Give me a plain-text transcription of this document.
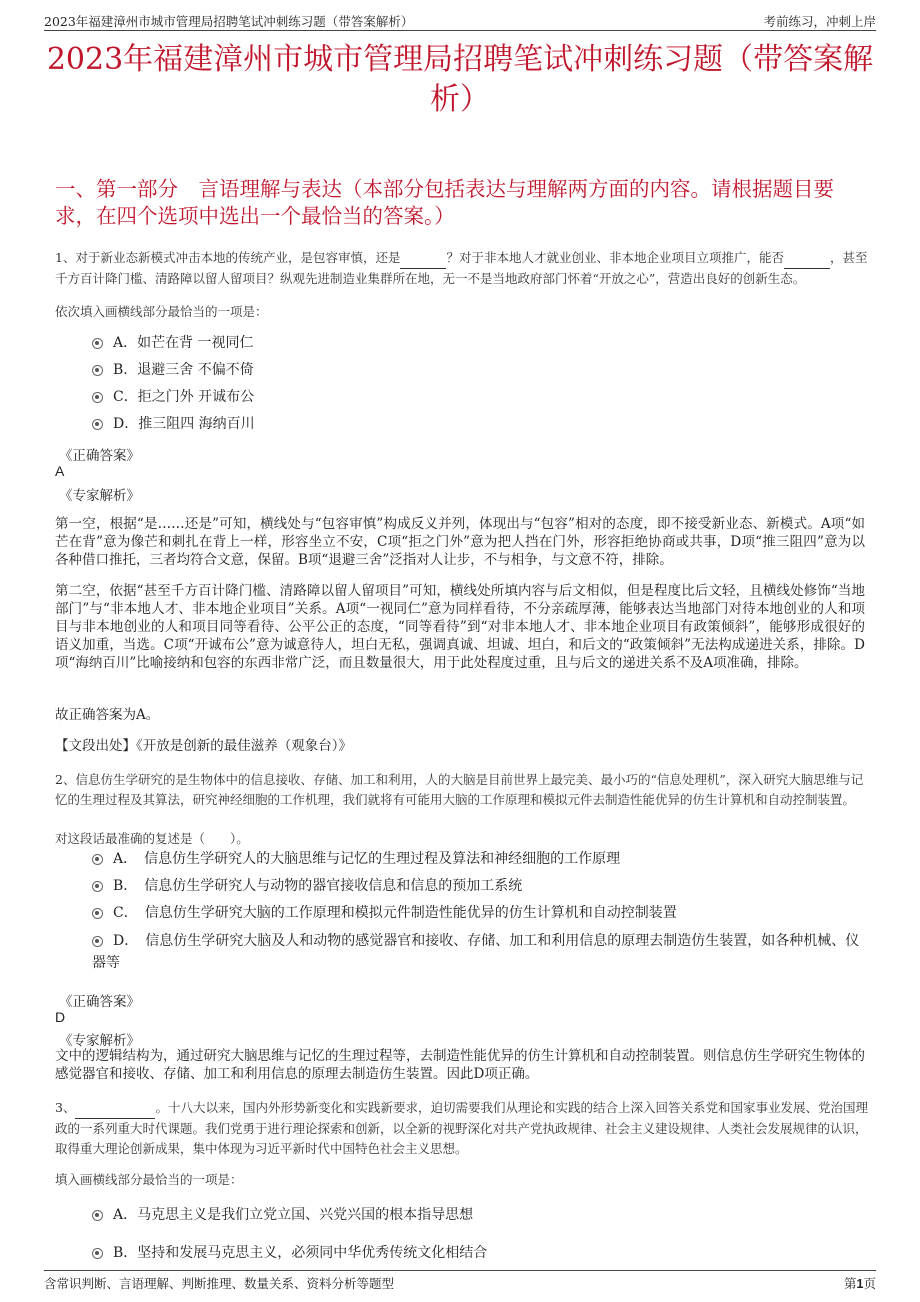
2023年福建漳州市城市管理局招聘笔试冲刺练习题（带答案解析）	考前练习，冲刺上岸
2023年福建漳州市城市管理局招聘笔试冲刺练习题（带答案解析）
一、第一部分　言语理解与表达（本部分包括表达与理解两方面的内容。请根据题目要求，在四个选项中选出一个最恰当的答案。）
1、对于新业态新模式冲击本地的传统产业，是包容审慎，还是	？对于非本地人才就业创业、非本地企业项目立项推广，能否	，甚至千方百计降门槛、清路障以留人留项目？纵观先进制造业集群所在地，无一不是当地政府部门怀着“开放之心”，营造出良好的创新生态。
依次填入画横线部分最恰当的一项是：
A．如芒在背 一视同仁
B．退避三舍 不偏不倚
C．拒之门外 开诚布公
D．推三阻四 海纳百川
《正确答案》
A
《专家解析》
第一空，根据“是……还是”可知，横线处与“包容审慎”构成反义并列，体现出与“包容”相对的态度，即不接受新业态、新模式。A项“如芒在背”意为像芒和刺扎在背上一样，形容坐立不安，C项“拒之门外”意为把人挡在门外，形容拒绝协商或共事，D项“推三阻四”意为以各种借口推托，三者均符合文意，保留。B项“退避三舍”泛指对人让步，不与相争，与文意不符，排除。
第二空，依据“甚至千方百计降门槛、清路障以留人留项目”可知，横线处所填内容与后文相似，但是程度比后文轻，且横线处修饰“当地部门”与“非本地人才、非本地企业项目”关系。A项“一视同仁”意为同样看待，不分亲疏厚薄，能够表达当地部门对待本地创业的人和项目与非本地创业的人和项目同等看待、公平公正的态度，“同等看待”到“对非本地人才、非本地企业项目有政策倾斜”，能够形成很好的语义加重，当选。C项“开诚布公”意为诚意待人，坦白无私，强调真诚、坦诚、坦白，和后文的“政策倾斜”无法构成递进关系，排除。D项“海纳百川”比喻接纳和包容的东西非常广泛，而且数量很大，用于此处程度过重，且与后文的递进关系不及A项准确，排除。
故正确答案为A。
【文段出处】《开放是创新的最佳滋养（观象台）》
2、信息仿生学研究的是生物体中的信息接收、存储、加工和利用，人的大脑是目前世界上最完美、最小巧的“信息处理机”，深入研究大脑思维与记忆的生理过程及其算法，研究神经细胞的工作机理，我们就将有可能用大脑的工作原理和模拟元件去制造性能优异的仿生计算机和自动控制装置。
对这段话最准确的复述是（　　）。
A．　信息仿生学研究人的大脑思维与记忆的生理过程及算法和神经细胞的工作原理
B．　信息仿生学研究人与动物的器官接收信息和信息的预加工系统
C．　信息仿生学研究大脑的工作原理和模拟元件制造性能优异的仿生计算机和自动控制装置
D．　信息仿生学研究大脑及人和动物的感觉器官和接收、存储、加工和利用信息的原理去制造仿生装置，如各种机械、仪器等
《正确答案》
D
《专家解析》
文中的逻辑结构为，通过研究大脑思维与记忆的生理过程等，去制造性能优异的仿生计算机和自动控制装置。则信息仿生学研究生物体的感觉器官和接收、存储、加工和利用信息的原理去制造仿生装置。因此D项正确。
3、	。十八大以来，国内外形势新变化和实践新要求，迫切需要我们从理论和实践的结合上深入回答关系党和国家事业发展、党治国理政的一系列重大时代课题。我们党勇于进行理论探索和创新，以全新的视野深化对共产党执政规律、社会主义建设规律、人类社会发展规律的认识，取得重大理论创新成果，集中体现为习近平新时代中国特色社会主义思想。
填入画横线部分最恰当的一项是：
A．马克思主义是我们立党立国、兴党兴国的根本指导思想
B．坚持和发展马克思主义，必须同中华优秀传统文化相结合
含常识判断、言语理解、判断推理、数量关系、资料分析等题型	第1页
